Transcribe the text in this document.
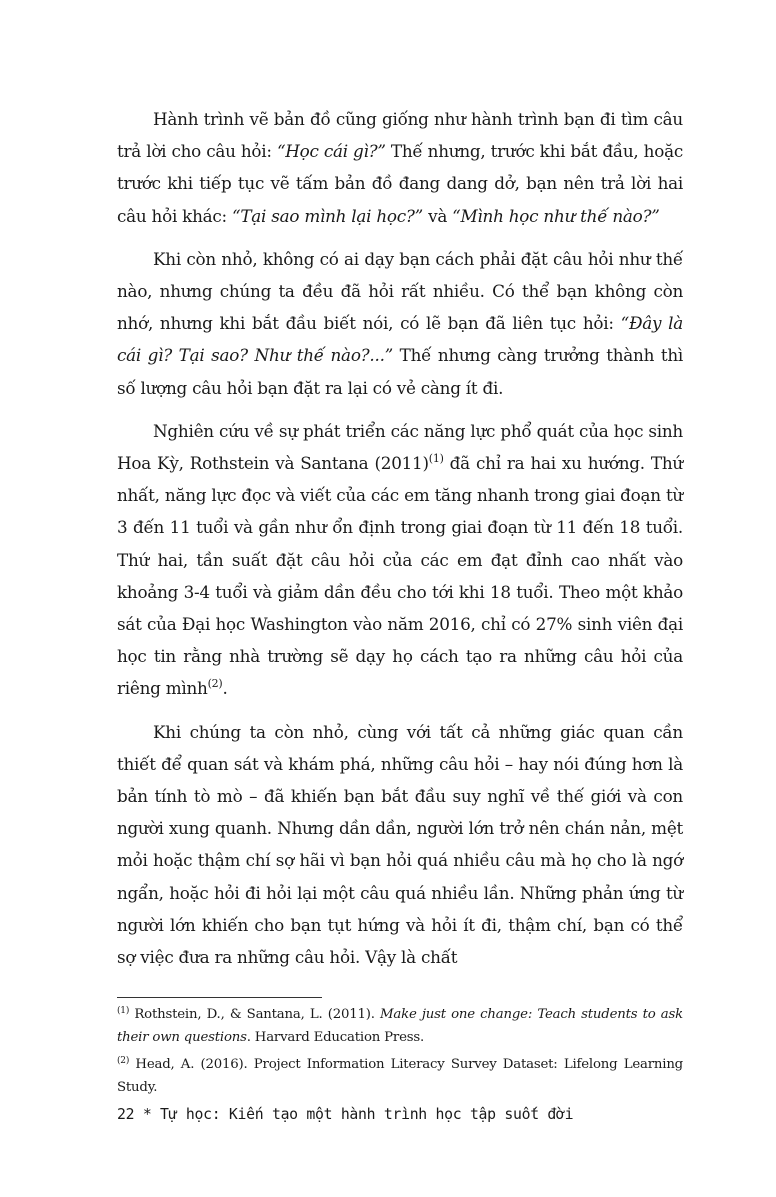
Hành trình vẽ bản đồ cũng giống như hành trình bạn đi tìm câu trả lời cho câu hỏi: “Học cái gì?” Thế nhưng, trước khi bắt đầu, hoặc trước khi tiếp tục vẽ tấm bản đồ đang dang dở, bạn nên trả lời hai câu hỏi khác: “Tại sao mình lại học?” và “Mình học như thế nào?”

Khi còn nhỏ, không có ai dạy bạn cách phải đặt câu hỏi như thế nào, nhưng chúng ta đều đã hỏi rất nhiều. Có thể bạn không còn nhớ, nhưng khi bắt đầu biết nói, có lẽ bạn đã liên tục hỏi: “Đây là cái gì? Tại sao? Như thế nào?...” Thế nhưng càng trưởng thành thì số lượng câu hỏi bạn đặt ra lại có vẻ càng ít đi.

Nghiên cứu về sự phát triển các năng lực phổ quát của học sinh Hoa Kỳ, Rothstein và Santana $(2011)^{(1)}$ đã chỉ ra hai xu hướng. Thứ nhất, năng lực đọc và viết của các em tăng nhanh trong giai đoạn từ 3 đến 11 tuổi và gần như ổn định trong giai đoạn từ 11 đến 18 tuổi. Thứ hai, tần suất đặt câu hỏi của các em đạt đỉnh cao nhất vào khoảng 3-4 tuổi và giảm dần đều cho tới khi 18 tuổi. Theo một khảo sát của Đại học Washington vào năm 2016, chỉ có 27% sinh viên đại học tin rằng nhà trường sẽ dạy họ cách tạo ra những câu hỏi của riêng mình$^{(2)}$.

Khi chúng ta còn nhỏ, cùng với tất cả những giác quan cần thiết để quan sát và khám phá, những câu hỏi – hay nói đúng hơn là bản tính tò mò – đã khiến bạn bắt đầu suy nghĩ về thế giới và con người xung quanh. Nhưng dần dần, người lớn trở nên chán nản, mệt mỏi hoặc thậm chí sợ hãi vì bạn hỏi quá nhiều câu mà họ cho là ngớ ngẩn, hoặc hỏi đi hỏi lại một câu quá nhiều lần. Những phản ứng từ người lớn khiến cho bạn tụt hứng và hỏi ít đi, thậm chí, bạn có thể sợ việc đưa ra những câu hỏi. Vậy là chất

$^{(1)}$ Rothstein, D., & Santana, L. (2011). Make just one change: Teach students to ask their own questions. Harvard Education Press.

$^{(2)}$ Head, A. (2016). Project Information Literacy Survey Dataset: Lifelong Learning Study.

22 * Tự học: Kiến tạo một hành trình học tập suốt đời
